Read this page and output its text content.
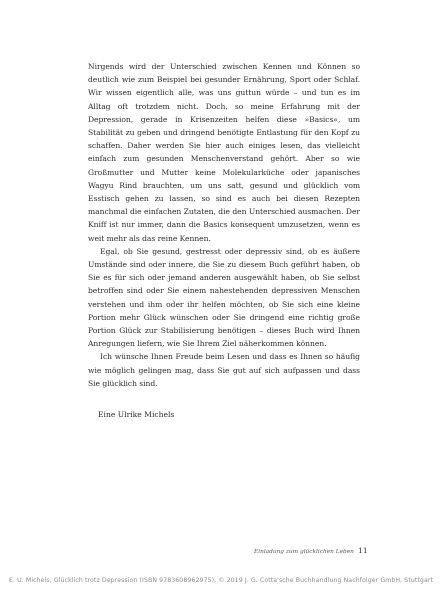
Nirgends wird der Unterschied zwischen Kennen und Können so deutlich wie zum Beispiel bei gesunder Ernährung, Sport oder Schlaf. Wir wissen eigentlich alle, was uns guttun würde – und tun es im Alltag oft trotzdem nicht. Doch, so meine Erfahrung mit der Depression, gerade in Krisenzeiten helfen diese »Basics«, um Stabilität zu geben und dringend benötigte Entlastung für den Kopf zu schaffen. Daher werden Sie hier auch einiges lesen, das vielleicht einfach zum gesunden Menschenverstand gehört. Aber so wie Großmutter und Mutter keine Molekularküche oder japanisches Wagyu Rind brauchten, um uns satt, gesund und glücklich vom Esstisch gehen zu lassen, so sind es auch bei diesen Rezepten manchmal die einfachen Zutaten, die den Unterschied ausmachen. Der Kniff ist nur immer, dann die Basics konsequent umzusetzen, wenn es weit mehr als das reine Kennen.

Egal, ob Sie gesund, gestresst oder depressiv sind, ob es äußere Umstände sind oder innere, die Sie zu diesem Buch geführt haben, ob Sie es für sich oder jemand anderen ausgewählt haben, ob Sie selbst betroffen sind oder Sie einem nahestehenden depressiven Menschen verstehen und ihm oder ihr helfen möchten, ob Sie sich eine kleine Portion mehr Glück wünschen oder Sie dringend eine richtig große Portion Glück zur Stabilisierung benötigen – dieses Buch wird Ihnen Anregungen liefern, wie Sie Ihrem Ziel näherkommen können.

Ich wünsche Ihnen Freude beim Lesen und dass es Ihnen so häufig wie möglich gelingen mag, dass Sie gut auf sich aufpassen und dass Sie glücklich sind.

Eine Ulrike Michels
Einladung zum glücklichen Leben 11
E. U. Michels, Glücklich trotz Depression (ISBN 9783608962975), © 2019 J. G. Cotta'sche Buchhandlung Nachfolger GmbH, Stuttgart
